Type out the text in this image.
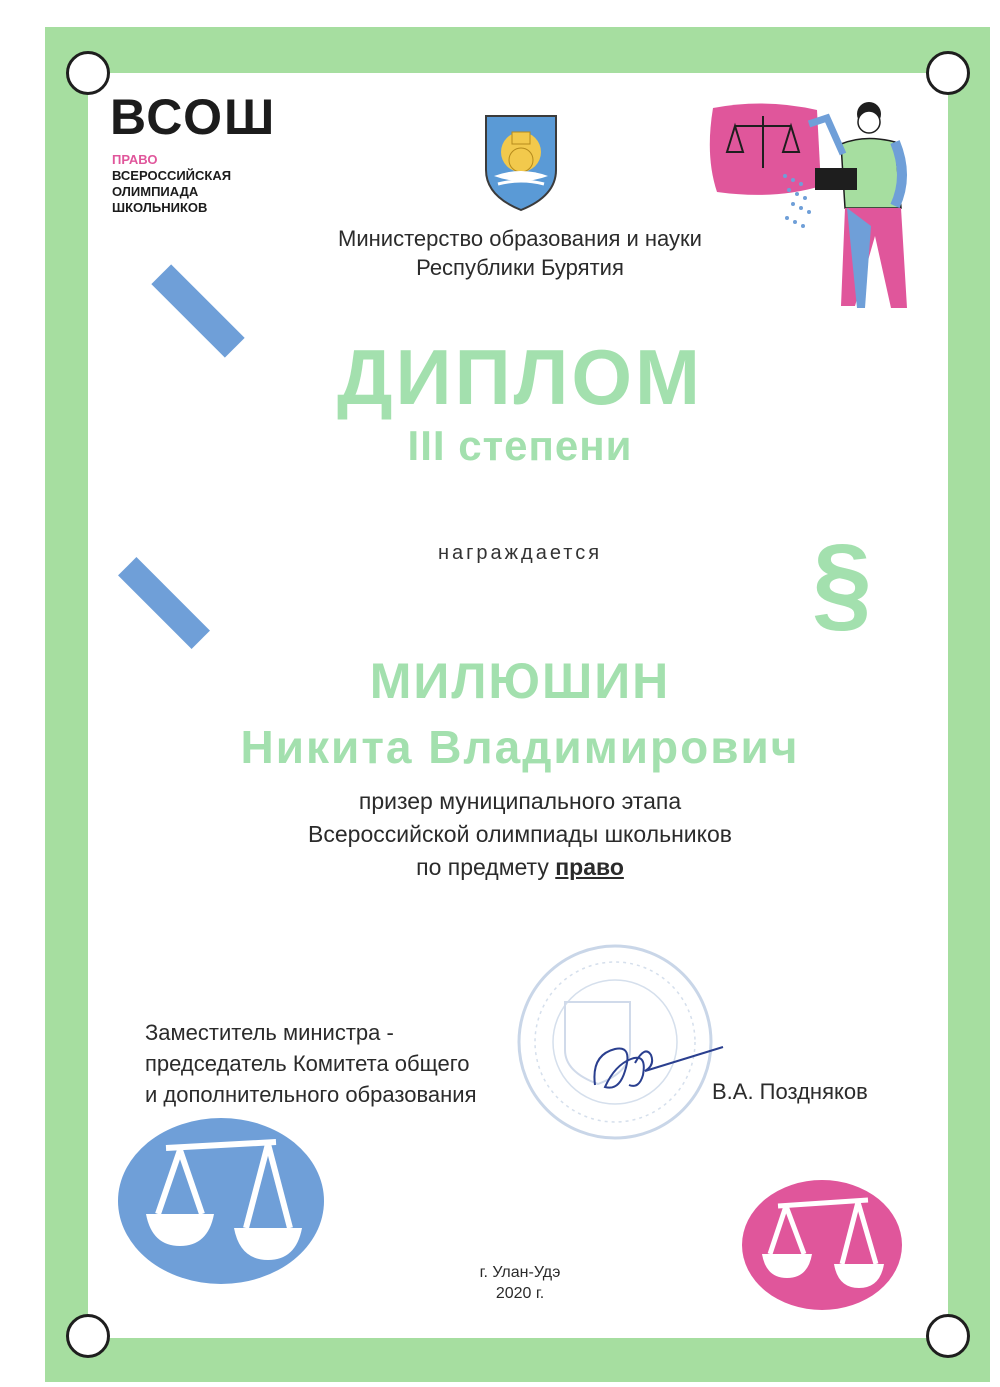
ВСОШ
ПРАВО
ВСЕРОССИЙСКАЯ
ОЛИМПИАДА
ШКОЛЬНИКОВ
Министерство образования и науки
Республики Бурятия
ДИПЛОМ
III степени
награждается	§
МИЛЮШИН
Никита Владимирович
призер муниципального этапа
Всероссийской олимпиады школьников
по предмету право
Заместитель министра -
председатель Комитета общего
и дополнительного образования	В.А. Поздняков
г. Улан-Удэ
2020 г.
